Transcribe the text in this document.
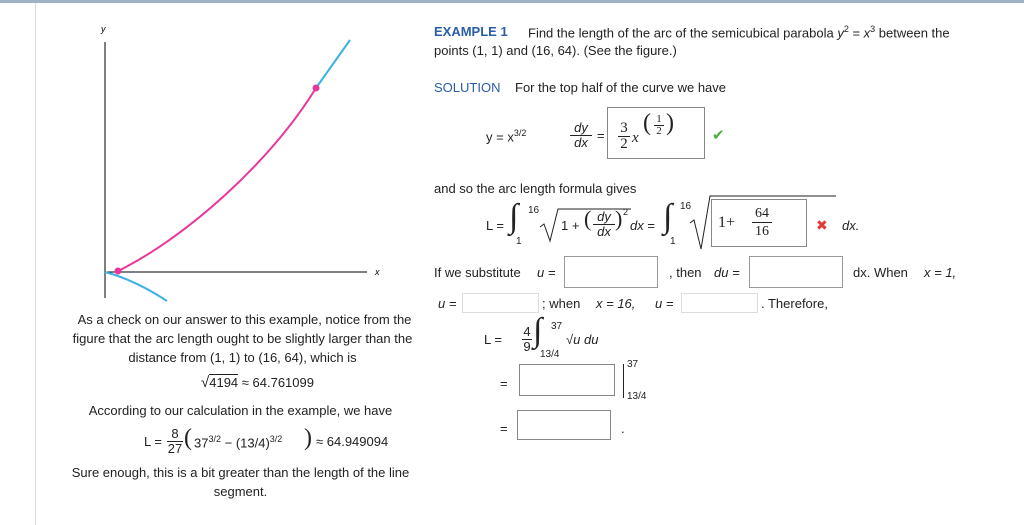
y
x
EXAMPLE 1 Find the length of the arc of the semicubical parabola $y^2 = x^3$ between the
points (1, 1) and (16, 64). (See the figure.)
SOLUTION For the top half of the curve we have
$y = x^{3/2}$	dy
dx = 3
2 x
( 1
2 )	✔
and so the arc length formula gives
L = ∫ 16
1
1 + ( dy
dx
) 2
dx = ∫ 16
1
1+
64
16	✖ dx.
If we substitute u =	, then du =	dx. When x = 1,
u =	; when x = 16, u =	. Therefore,
L =
4
9 ∫ 37
13/4
√u du
=
37
13/4
=	.
As a check on our answer to this example, notice from the
figure that the arc length ought to be slightly larger than the
distance from (1, 1) to (16, 64), which is
√4194 ≈ 64.761099
According to our calculation in the example, we have
L =
8
27 ( $37^{3/2} - (13/4)^{3/2}$ ) ≈ 64.949094
Sure enough, this is a bit greater than the length of the line
segment.
